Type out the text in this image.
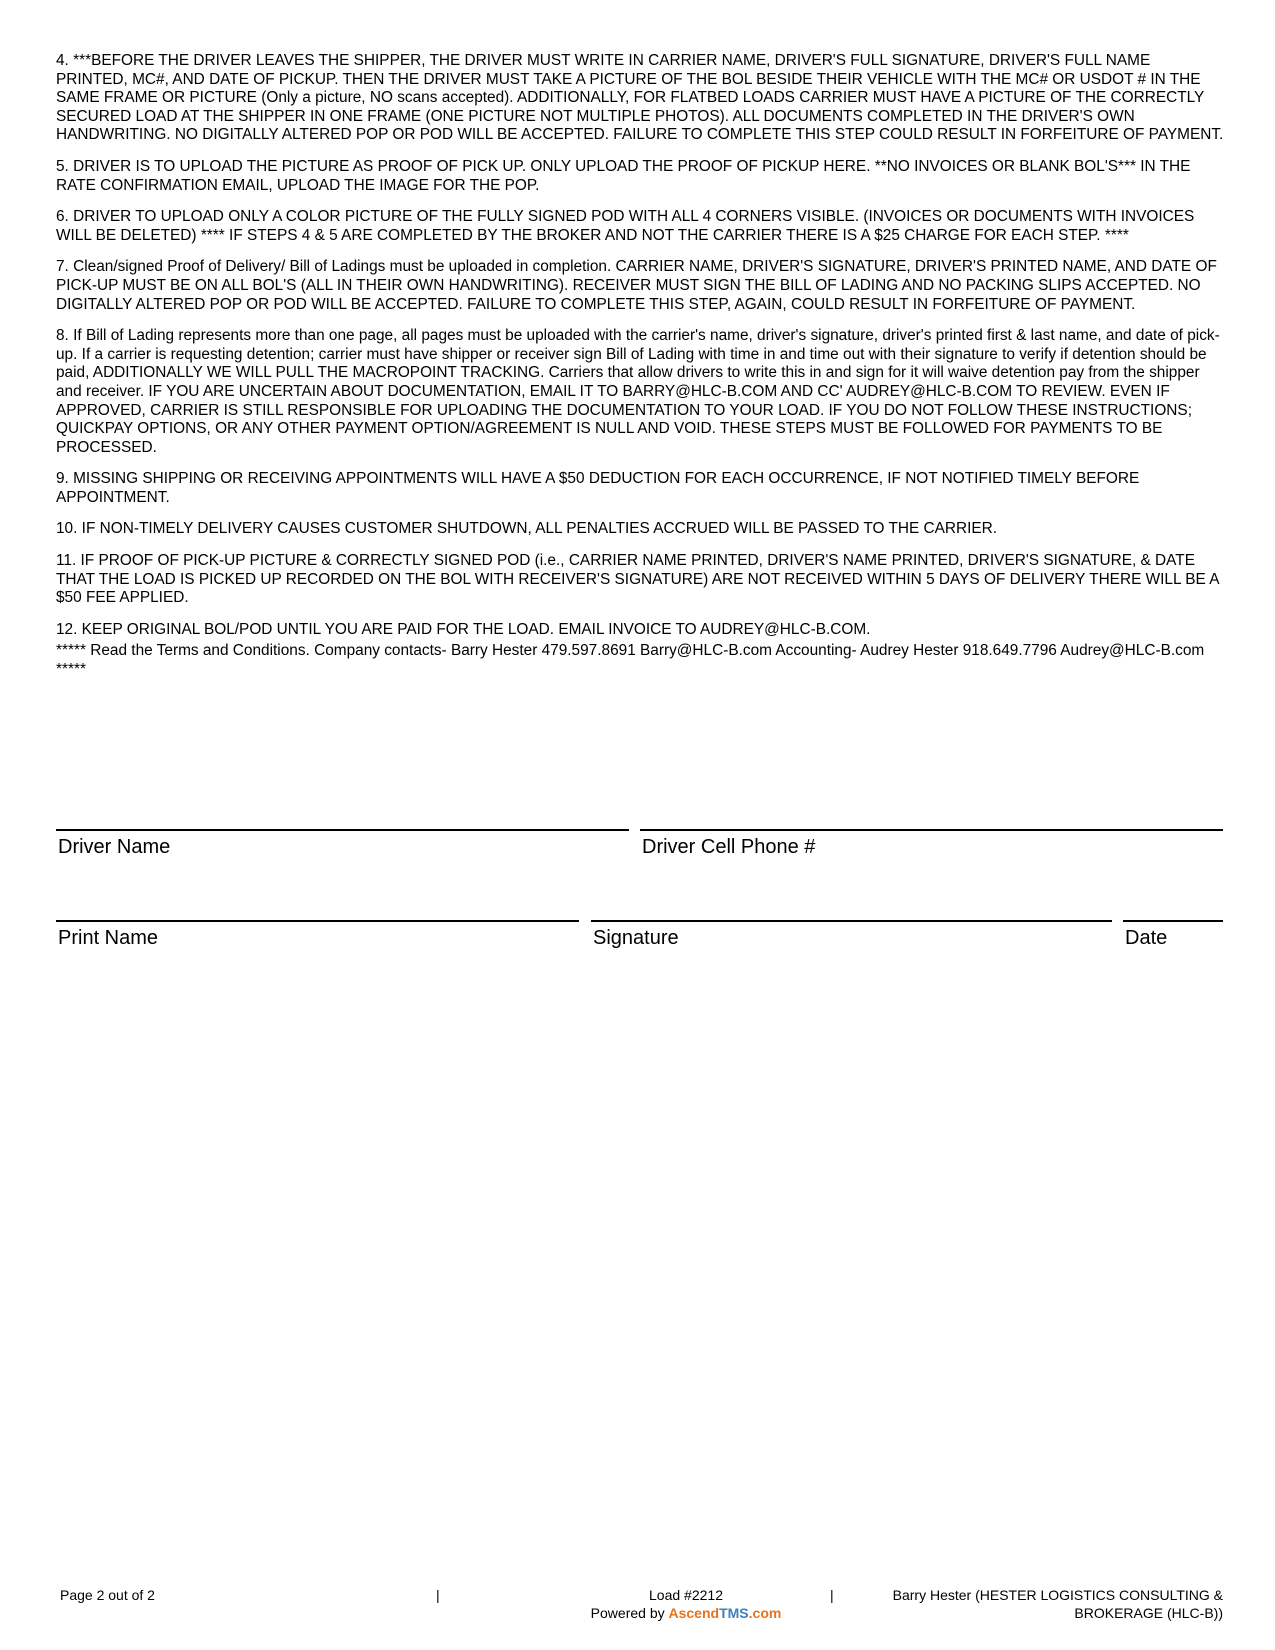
4. ***BEFORE THE DRIVER LEAVES THE SHIPPER, THE DRIVER MUST WRITE IN CARRIER NAME, DRIVER'S FULL SIGNATURE, DRIVER'S FULL NAME PRINTED, MC#, AND DATE OF PICKUP. THEN THE DRIVER MUST TAKE A PICTURE OF THE BOL BESIDE THEIR VEHICLE WITH THE MC# OR USDOT # IN THE SAME FRAME OR PICTURE (Only a picture, NO scans accepted). ADDITIONALLY, FOR FLATBED LOADS CARRIER MUST HAVE A PICTURE OF THE CORRECTLY SECURED LOAD AT THE SHIPPER IN ONE FRAME (ONE PICTURE NOT MULTIPLE PHOTOS). ALL DOCUMENTS COMPLETED IN THE DRIVER'S OWN HANDWRITING. NO DIGITALLY ALTERED POP OR POD WILL BE ACCEPTED. FAILURE TO COMPLETE THIS STEP COULD RESULT IN FORFEITURE OF PAYMENT.

5. DRIVER IS TO UPLOAD THE PICTURE AS PROOF OF PICK UP. ONLY UPLOAD THE PROOF OF PICKUP HERE. **NO INVOICES OR BLANK BOL'S*** IN THE RATE CONFIRMATION EMAIL, UPLOAD THE IMAGE FOR THE POP.

6. DRIVER TO UPLOAD ONLY A COLOR PICTURE OF THE FULLY SIGNED POD WITH ALL 4 CORNERS VISIBLE. (INVOICES OR DOCUMENTS WITH INVOICES WILL BE DELETED) **** IF STEPS 4 & 5 ARE COMPLETED BY THE BROKER AND NOT THE CARRIER THERE IS A $25 CHARGE FOR EACH STEP. ****

7. Clean/signed Proof of Delivery/ Bill of Ladings must be uploaded in completion. CARRIER NAME, DRIVER'S SIGNATURE, DRIVER'S PRINTED NAME, AND DATE OF PICK-UP MUST BE ON ALL BOL'S (ALL IN THEIR OWN HANDWRITING). RECEIVER MUST SIGN THE BILL OF LADING AND NO PACKING SLIPS ACCEPTED. NO DIGITALLY ALTERED POP OR POD WILL BE ACCEPTED. FAILURE TO COMPLETE THIS STEP, AGAIN, COULD RESULT IN FORFEITURE OF PAYMENT.

8. If Bill of Lading represents more than one page, all pages must be uploaded with the carrier's name, driver's signature, driver's printed first & last name, and date of pick-up. If a carrier is requesting detention; carrier must have shipper or receiver sign Bill of Lading with time in and time out with their signature to verify if detention should be paid, ADDITIONALLY WE WILL PULL THE MACROPOINT TRACKING. Carriers that allow drivers to write this in and sign for it will waive detention pay from the shipper and receiver. IF YOU ARE UNCERTAIN ABOUT DOCUMENTATION, EMAIL IT TO BARRY@HLC-B.COM AND CC' AUDREY@HLC-B.COM TO REVIEW. EVEN IF APPROVED, CARRIER IS STILL RESPONSIBLE FOR UPLOADING THE DOCUMENTATION TO YOUR LOAD. IF YOU DO NOT FOLLOW THESE INSTRUCTIONS; QUICKPAY OPTIONS, OR ANY OTHER PAYMENT OPTION/AGREEMENT IS NULL AND VOID. THESE STEPS MUST BE FOLLOWED FOR PAYMENTS TO BE PROCESSED.

9. MISSING SHIPPING OR RECEIVING APPOINTMENTS WILL HAVE A $50 DEDUCTION FOR EACH OCCURRENCE, IF NOT NOTIFIED TIMELY BEFORE APPOINTMENT.

10. IF NON-TIMELY DELIVERY CAUSES CUSTOMER SHUTDOWN, ALL PENALTIES ACCRUED WILL BE PASSED TO THE CARRIER.

11. IF PROOF OF PICK-UP PICTURE & CORRECTLY SIGNED POD (i.e., CARRIER NAME PRINTED, DRIVER'S NAME PRINTED, DRIVER'S SIGNATURE, & DATE THAT THE LOAD IS PICKED UP RECORDED ON THE BOL WITH RECEIVER'S SIGNATURE) ARE NOT RECEIVED WITHIN 5 DAYS OF DELIVERY THERE WILL BE A $50 FEE APPLIED.

12. KEEP ORIGINAL BOL/POD UNTIL YOU ARE PAID FOR THE LOAD. EMAIL INVOICE TO AUDREY@HLC-B.COM.

***** Read the Terms and Conditions. Company contacts- Barry Hester 479.597.8691 Barry@HLC-B.com Accounting- Audrey Hester 918.649.7796 Audrey@HLC-B.com *****

Driver Name	Driver Cell Phone #
Print Name	Signature	Date
Page 2 out of 2	|	Load #2212
Powered by AscendTMS.com
|	Barry Hester (HESTER LOGISTICS CONSULTING &
BROKERAGE (HLC-B))
